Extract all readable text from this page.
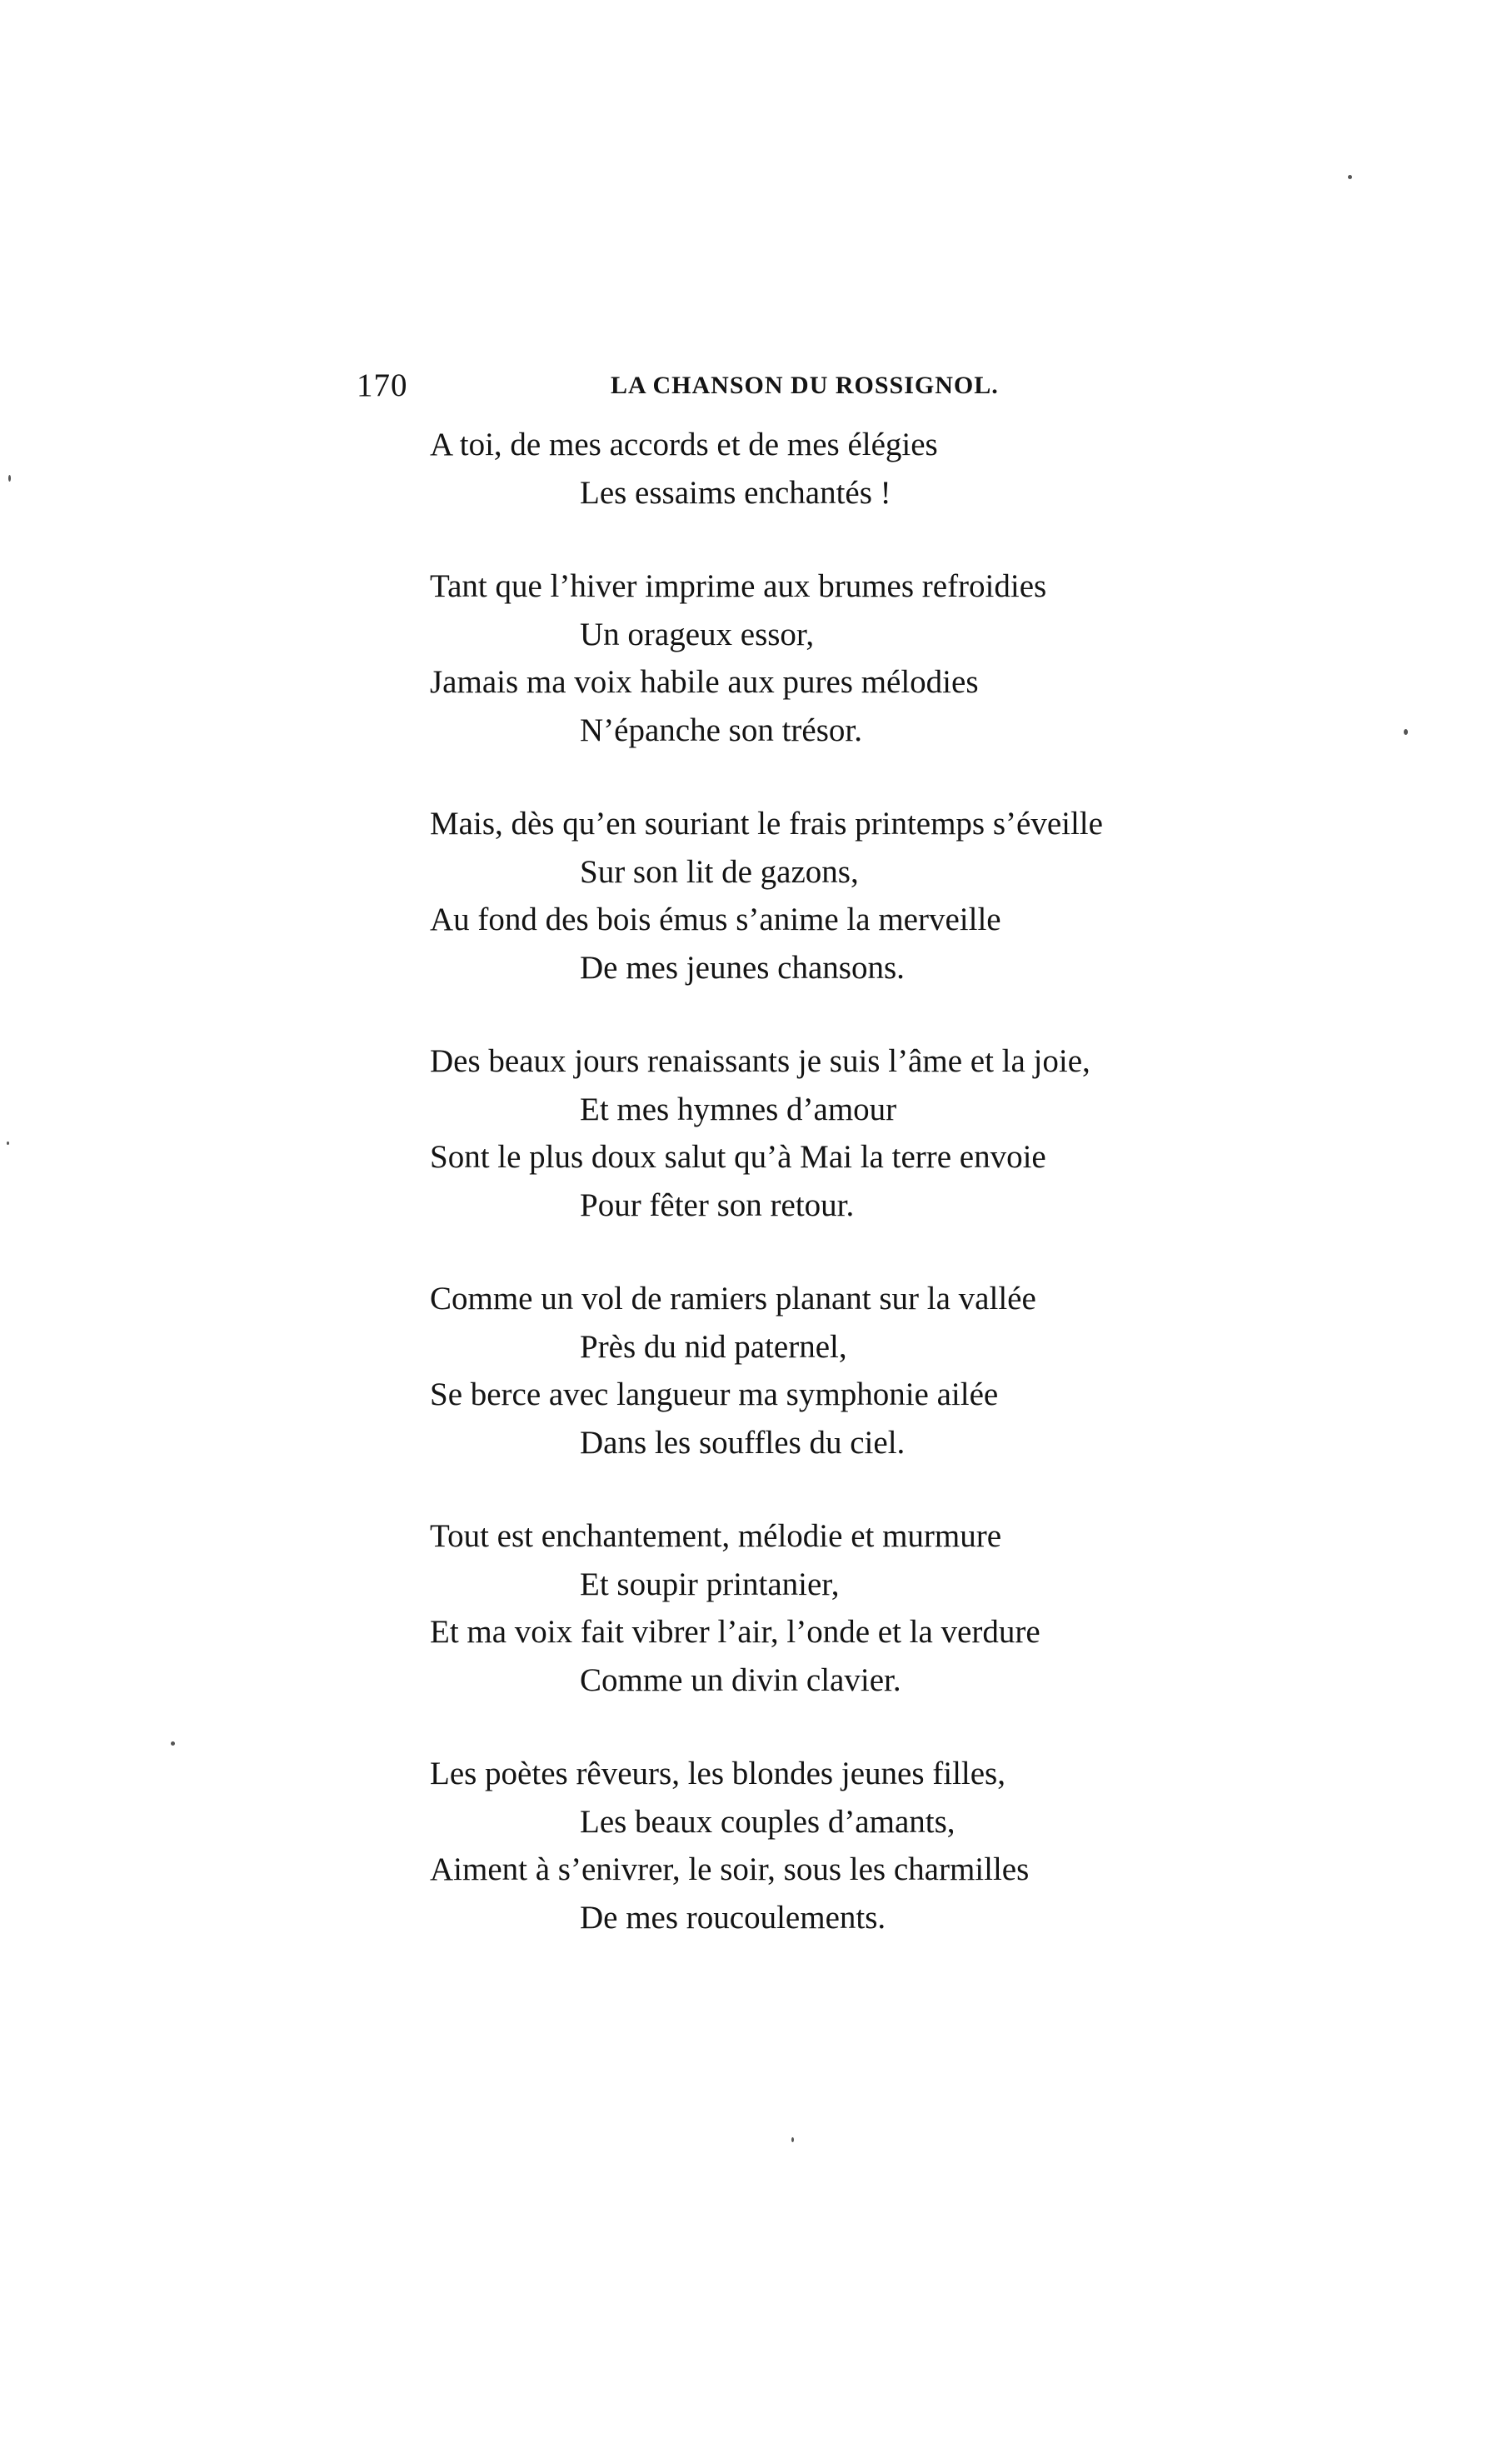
170	LA CHANSON DU ROSSIGNOL.
A toi, de mes accords et de mes élégies
Les essaims enchantés !
Tant que l’hiver imprime aux brumes refroidies
Un orageux essor,
Jamais ma voix habile aux pures mélodies
N’épanche son trésor.
Mais, dès qu’en souriant le frais printemps s’éveille
Sur son lit de gazons,
Au fond des bois émus s’anime la merveille
De mes jeunes chansons.
Des beaux jours renaissants je suis l’âme et la joie,
Et mes hymnes d’amour
Sont le plus doux salut qu’à Mai la terre envoie
Pour fêter son retour.
Comme un vol de ramiers planant sur la vallée
Près du nid paternel,
Se berce avec langueur ma symphonie ailée
Dans les souffles du ciel.
Tout est enchantement, mélodie et murmure
Et soupir printanier,
Et ma voix fait vibrer l’air, l’onde et la verdure
Comme un divin clavier.
Les poètes rêveurs, les blondes jeunes filles,
Les beaux couples d’amants,
Aiment à s’enivrer, le soir, sous les charmilles
De mes roucoulements.
